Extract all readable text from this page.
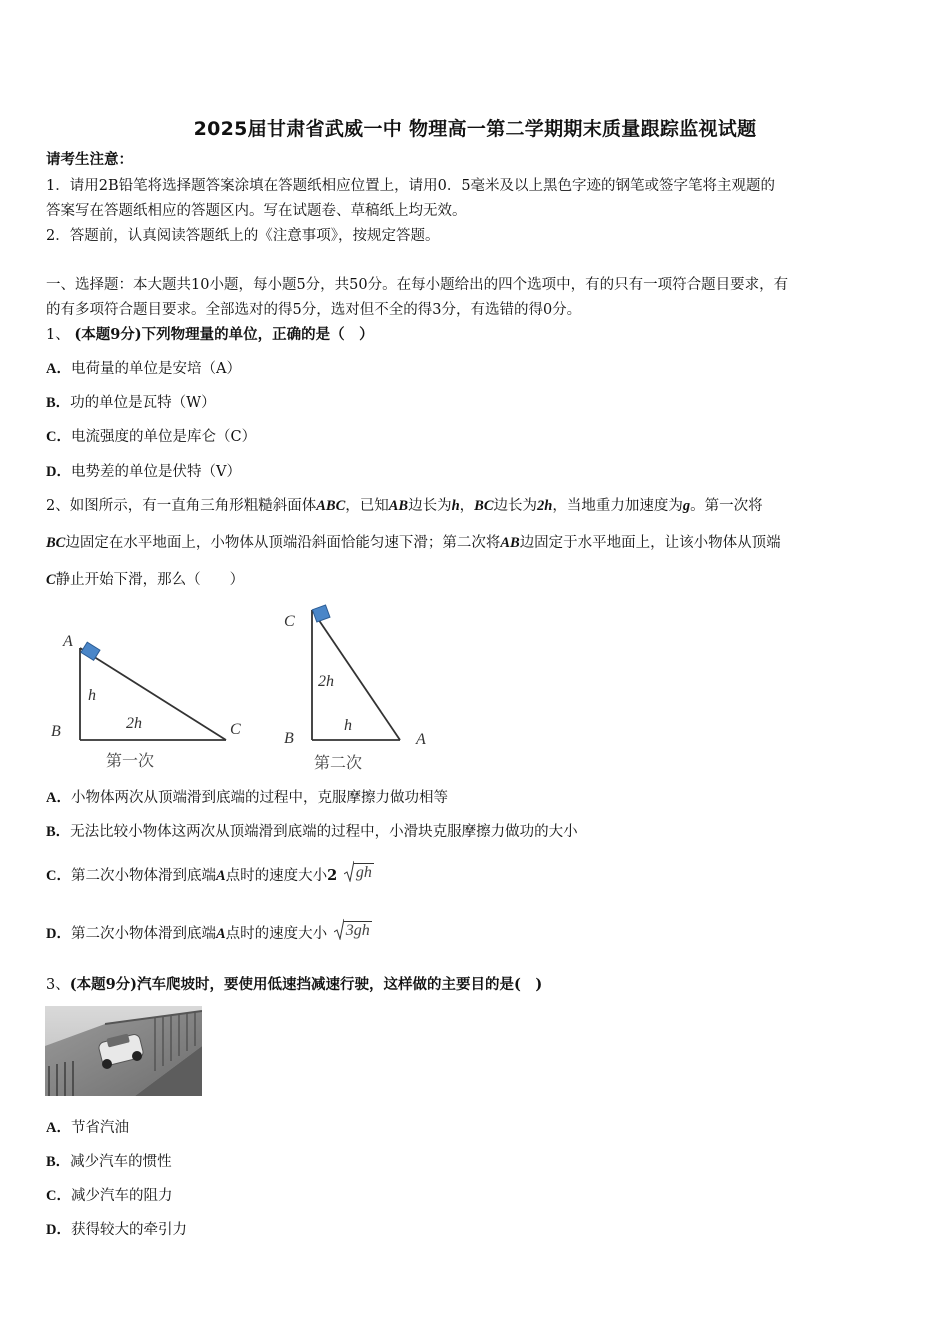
2025届甘肃省武威一中 物理高一第二学期期末质量跟踪监视试题
请考生注意：
1．请用2B铅笔将选择题答案涂填在答题纸相应位置上，请用0．5毫米及以上黑色字迹的钢笔或签字笔将主观题的
答案写在答题纸相应的答题区内。写在试题卷、草稿纸上均无效。
2．答题前，认真阅读答题纸上的《注意事项》，按规定答题。
一、选择题：本大题共10小题，每小题5分，共50分。在每小题给出的四个选项中，有的只有一项符合题目要求，有
的有多项符合题目要求。全部选对的得5分，选对但不全的得3分，有选错的得0分。
1、 (本题9分)下列物理量的单位，正确的是（　）
A．电荷量的单位是安培（A）
B．功的单位是瓦特（W）
C．电流强度的单位是库仑（C）
D．电势差的单位是伏特（V）
2、如图所示，有一直角三角形粗糙斜面体ABC，已知AB边长为h，BC边长为2h，当地重力加速度为g。第一次将
BC边固定在水平地面上，小物体从顶端沿斜面恰能匀速下滑；第二次将AB边固定于水平地面上，让该小物体从顶端
C静止开始下滑，那么（　　）
A
B	C
h
2h
第一次
C
B	A
2h
h
第二次
A．小物体两次从顶端滑到底端的过程中，克服摩擦力做功相等
B．无法比较小物体这两次从顶端滑到底端的过程中，小滑块克服摩擦力做功的大小
C．第二次小物体滑到底端A点时的速度大小2 gh
D．第二次小物体滑到底端A点时的速度大小 3gh
3、(本题9分)汽车爬坡时，要使用低速挡减速行驶，这样做的主要目的是(　)
A．节省汽油
B．减少汽车的惯性
C．减少汽车的阻力
D．获得较大的牵引力
